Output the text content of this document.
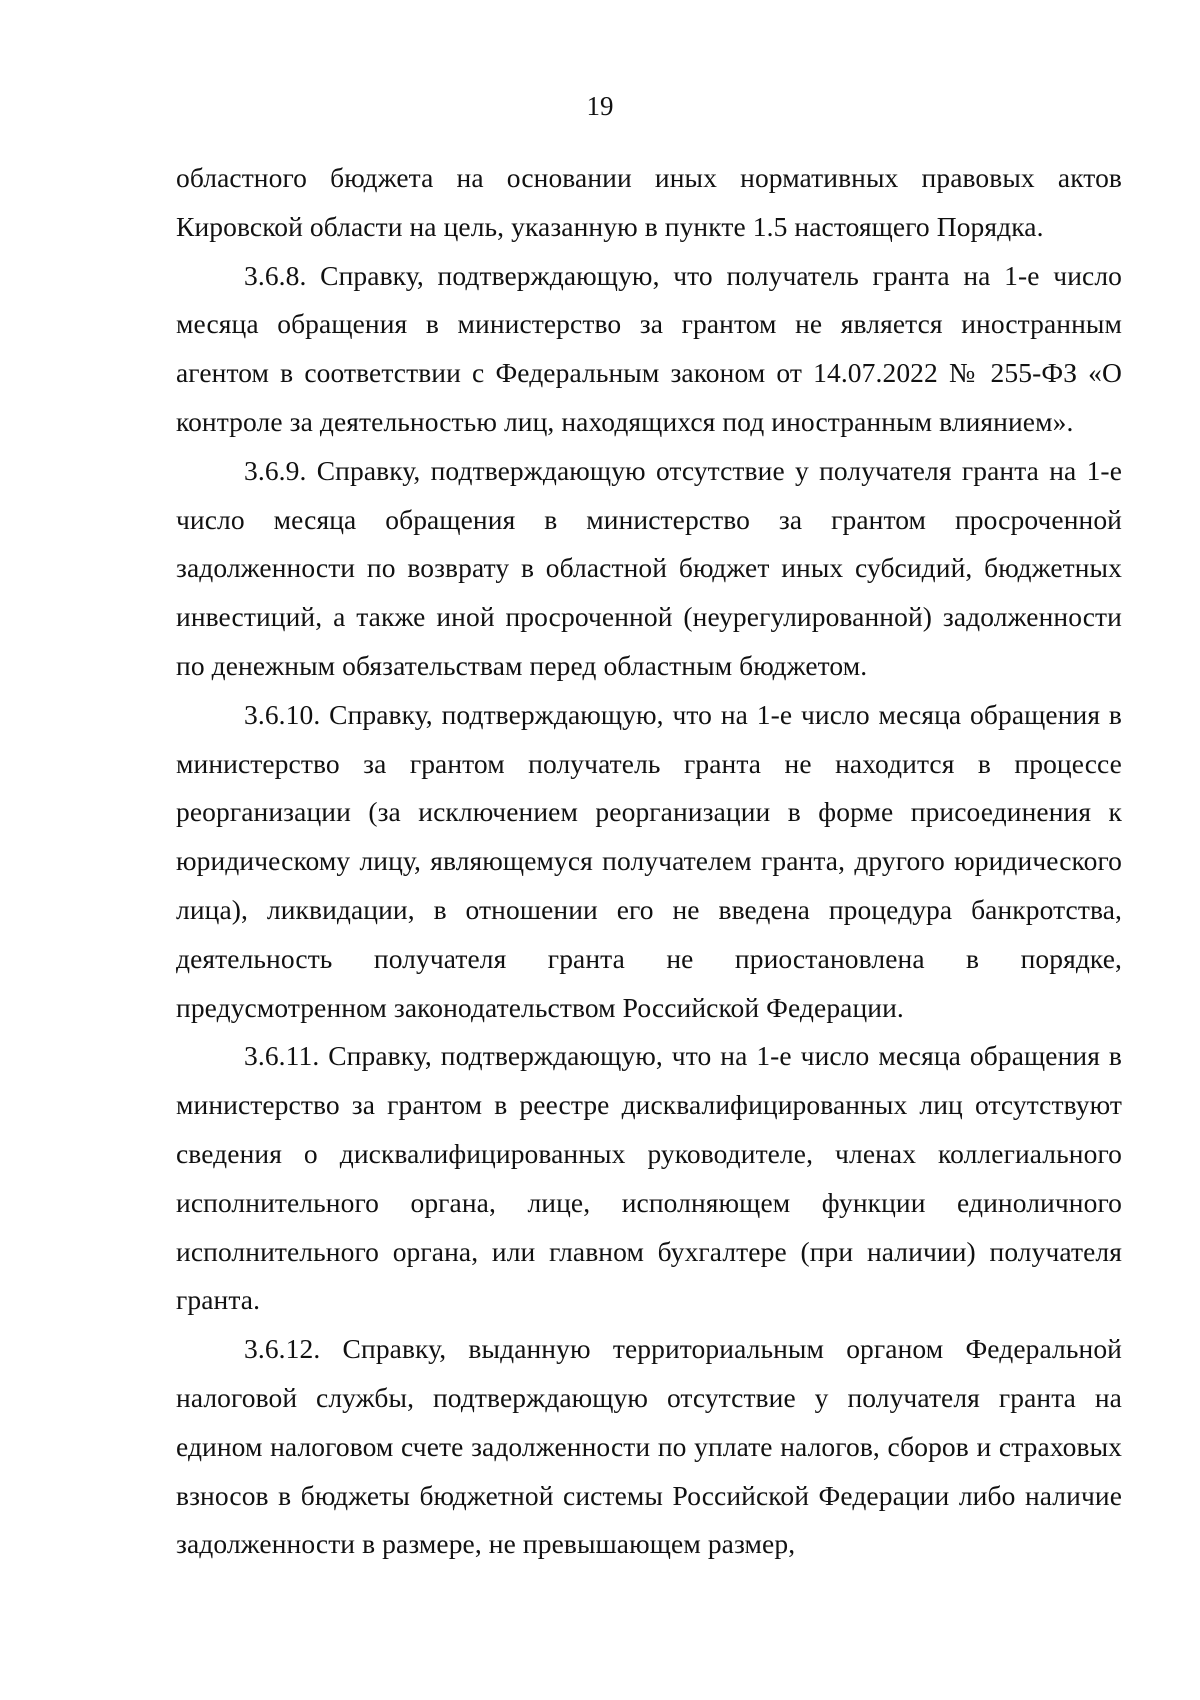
19

областного бюджета на основании иных нормативных правовых актов Кировской области на цель, указанную в пункте 1.5 настоящего Порядка.

3.6.8. Справку, подтверждающую, что получатель гранта на 1-е число месяца обращения в министерство за грантом не является иностранным агентом в соответствии с Федеральным законом от 14.07.2022 № 255-ФЗ «О контроле за деятельностью лиц, находящихся под иностранным влиянием».

3.6.9. Справку, подтверждающую отсутствие у получателя гранта на 1-е число месяца обращения в министерство за грантом просроченной задолженности по возврату в областной бюджет иных субсидий, бюджетных инвестиций, а также иной просроченной (неурегулированной) задолженности по денежным обязательствам перед областным бюджетом.

3.6.10. Справку, подтверждающую, что на 1-е число месяца обращения в министерство за грантом получатель гранта не находится в процессе реорганизации (за исключением реорганизации в форме присоединения к юридическому лицу, являющемуся получателем гранта, другого юридического лица), ликвидации, в отношении его не введена процедура банкротства, деятельность получателя гранта не приостановлена в порядке, предусмотренном законодательством Российской Федерации.

3.6.11. Справку, подтверждающую, что на 1-е число месяца обращения в министерство за грантом в реестре дисквалифицированных лиц отсутствуют сведения о дисквалифицированных руководителе, членах коллегиального исполнительного органа, лице, исполняющем функции единоличного исполнительного органа, или главном бухгалтере (при наличии) получателя гранта.

3.6.12. Справку, выданную территориальным органом Федеральной налоговой службы, подтверждающую отсутствие у получателя гранта на едином налоговом счете задолженности по уплате налогов, сборов и страховых взносов в бюджеты бюджетной системы Российской Федерации либо наличие задолженности в размере, не превышающем размер,
